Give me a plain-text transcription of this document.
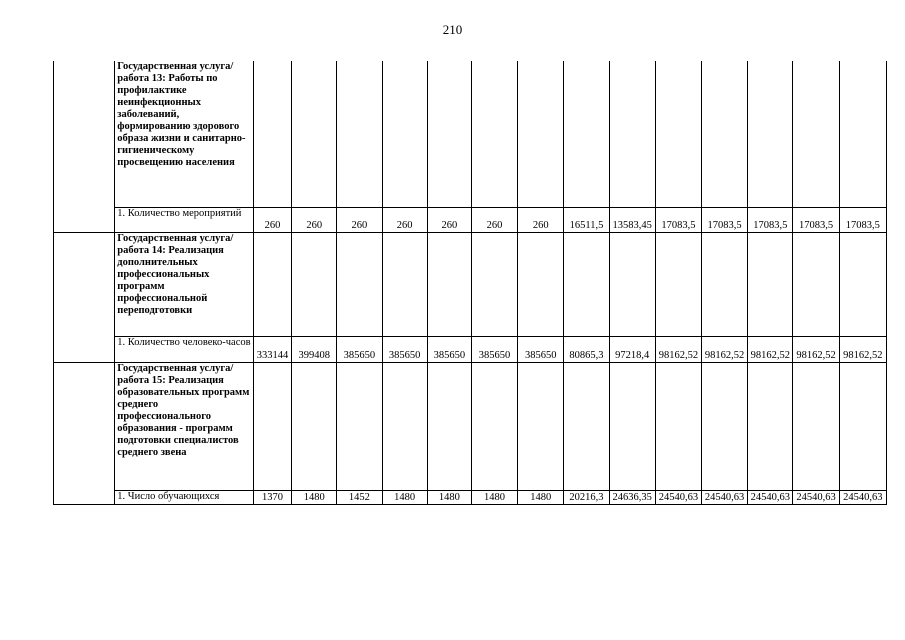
210
	Государственная услуга/работа 13: Работы по профилактике неинфекционных заболеваний, формированию здорового образа жизни и санитарно-гигиеническому просвещению населения														
	1. Количество мероприятий	260	260	260	260	260	260	260	16511,5	13583,45	17083,5	17083,5	17083,5	17083,5	17083,5
	Государственная услуга/работа 14: Реализация дополнительных профессиональных программ профессиональной переподготовки														
	1. Количество человеко-часов	333144	399408	385650	385650	385650	385650	385650	80865,3	97218,4	98162,52	98162,52	98162,52	98162,52	98162,52
	Государственная услуга/работа 15: Реализация образовательных программ среднего профессионального образования - программ подготовки специалистов среднего звена														
	1. Число обучающихся	1370	1480	1452	1480	1480	1480	1480	20216,3	24636,35	24540,63	24540,63	24540,63	24540,63	24540,63
